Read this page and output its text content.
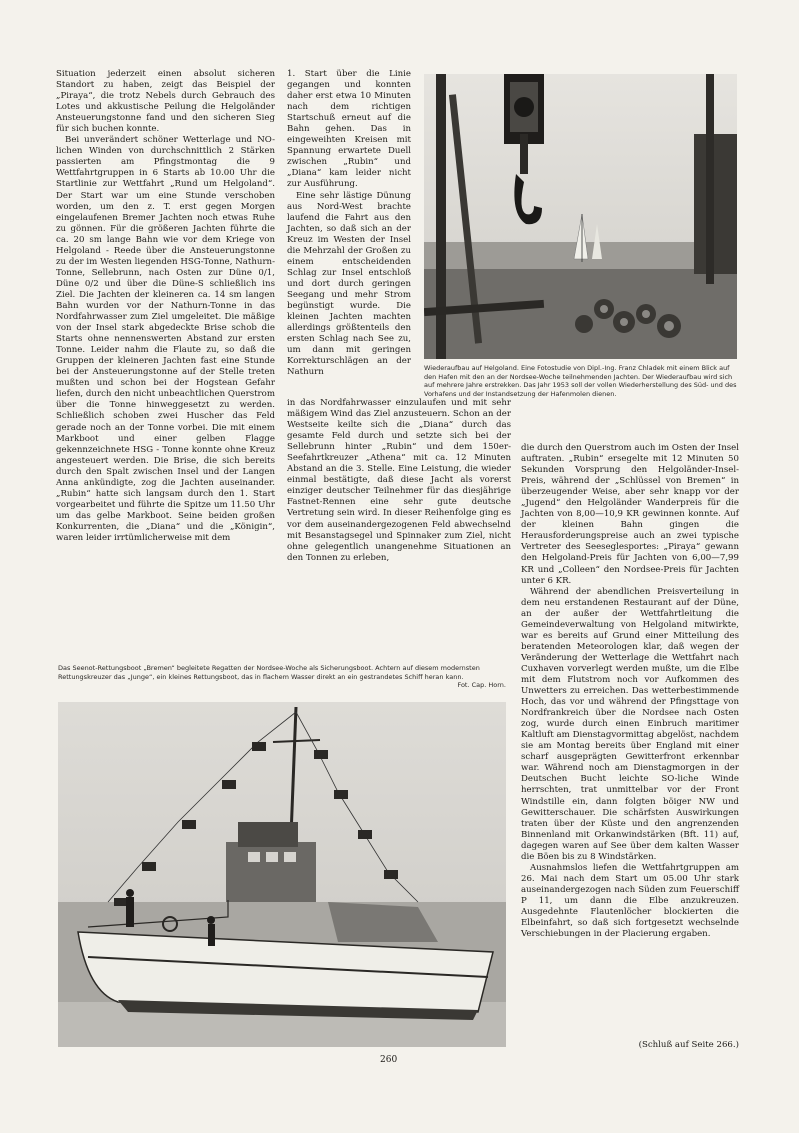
Situation jederzeit einen absolut sicheren Standort zu haben, zeigt das Beispiel der „Piraya“, die trotz Nebels durch Gebrauch des Lotes und akkustische Peilung die Helgoländer Ansteuerungstonne fand und den sicheren Sieg für sich buchen konnte.

Bei unverändert schöner Wetterlage und NO-lichen Winden von durchschnittlich 2 Stärken passierten am Pfingstmontag die 9 Wettfahrtgruppen in 6 Starts ab 10.00 Uhr die Startlinie zur Wettfahrt „Rund um Helgoland“. Der Start war um eine Stunde verschoben worden, um den z. T. erst gegen Morgen eingelaufenen Bremer Jachten noch etwas Ruhe zu gönnen. Für die größeren Jachten führte die ca. 20 sm lange Bahn wie vor dem Kriege von Helgoland - Reede über die Ansteuerungstonne zu der im Westen liegenden HSG-Tonne, Nathurn-Tonne, Sellebrunn, nach Osten zur Düne 0/1, Düne 0/2 und über die Düne-S schließlich ins Ziel. Die Jachten der kleineren ca. 14 sm langen Bahn wurden vor der Nathurn-Tonne in das Nordfahrwasser zum Ziel umgeleitet. Die mäßige von der Insel stark abgedeckte Brise schob die Starts ohne nennenswerten Abstand zur ersten Tonne. Leider nahm die Flaute zu, so daß die Gruppen der kleineren Jachten fast eine Stunde bei der Ansteuerungstonne auf der Stelle treten mußten und schon bei der Hogstean Gefahr liefen, durch den nicht unbeachtlichen Querstrom über die Tonne hinweggesetzt zu werden. Schließlich schoben zwei Huscher das Feld gerade noch an der Tonne vorbei. Die mit einem Markboot und einer gelben Flagge gekennzeichnete HSG - Tonne konnte ohne Kreuz angesteuert werden. Die Brise, die sich bereits durch den Spalt zwischen Insel und der Langen Anna ankündigte, zog die Jachten auseinander. „Rubin“ hatte sich langsam durch den 1. Start vorgearbeitet und führte die Spitze um 11.50 Uhr um das gelbe Markboot. Seine beiden großen Konkurrenten, die „Diana“ und die „Königin“, waren leider irrtümlicherweise mit dem

1. Start über die Linie gegangen und konnten daher erst etwa 10 Minuten nach dem richtigen Startschuß erneut auf die Bahn gehen. Das in eingeweihten Kreisen mit Spannung erwartete Duell zwischen „Rubin“ und „Diana“ kam leider nicht zur Ausführung.

Eine sehr lästige Dünung aus Nord-West brachte laufend die Fahrt aus den Jachten, so daß sich an der Kreuz im Westen der Insel die Mehrzahl der Großen zu einem entscheidenden Schlag zur Insel entschloß und dort durch geringen Seegang und mehr Strom begünstigt wurde. Die kleinen Jachten machten allerdings größtenteils den ersten Schlag nach See zu, um dann mit geringen Korrekturschlägen an der Nathurn

in das Nordfahrwasser einzulaufen und mit sehr mäßigem Wind das Ziel anzusteuern. Schon an der Westseite keilte sich die „Diana“ durch das gesamte Feld durch und setzte sich bei der Sellebrunn hinter „Rubin“ und dem 150er-Seefahrtkreuzer „Athena“ mit ca. 12 Minuten Abstand an die 3. Stelle. Eine Leistung, die wieder einmal bestätigte, daß diese Jacht als vorerst einziger deutscher Teilnehmer für das diesjährige Fastnet-Rennen eine sehr gute deutsche Vertretung sein wird. In dieser Reihenfolge ging es vor dem auseinandergezogenen Feld abwechselnd mit Besanstagsegel und Spinnaker zum Ziel, nicht ohne gelegentlich unangenehme Situationen an den Tonnen zu erleben,

die durch den Querstrom auch im Osten der Insel auftraten. „Rubin“ ersegelte mit 12 Minuten 50 Sekunden Vorsprung den Helgoländer-Insel-Preis, während der „Schlüssel von Bremen“ in überzeugender Weise, aber sehr knapp vor der „Jugend“ den Helgoländer Wanderpreis für die Jachten von 8,00—10,9 KR gewinnen konnte. Auf der kleinen Bahn gingen die Herausforderungspreise auch an zwei typische Vertreter des Seeseglesportes: „Piraya“ gewann den Helgoland-Preis für Jachten von 6,00—7,99 KR und „Colleen“ den Nordsee-Preis für Jachten unter 6 KR.

Während der abendlichen Preisverteilung in dem neu erstandenen Restaurant auf der Düne, an der außer der Wettfahrtleitung die Gemeindeverwaltung von Helgoland mitwirkte, war es bereits auf Grund einer Mitteilung des beratenden Meteorologen klar, daß wegen der Veränderung der Wetterlage die Wettfahrt nach Cuxhaven vorverlegt werden mußte, um die Elbe mit dem Flutstrom noch vor Aufkommen des Unwetters zu erreichen. Das wetterbestimmende Hoch, das vor und während der Pfingsttage von Nordfrankreich über die Nordsee nach Osten zog, wurde durch einen Einbruch maritimer Kaltluft am Dienstagvormittag abgelöst, nachdem sie am Montag bereits über England mit einer scharf ausgeprägten Gewitterfront erkennbar war. Während noch am Dienstagmorgen in der Deutschen Bucht leichte SO-liche Winde herrschten, trat unmittelbar vor der Front Windstille ein, dann folgten böiger NW und Gewitterschauer. Die schärfsten Auswirkungen traten über der Küste und den angrenzenden Binnenland mit Orkanwindstärken (Bft. 11) auf, dagegen waren auf See über dem kalten Wasser die Böen bis zu 8 Windstärken.

Ausnahmslos liefen die Wettfahrtgruppen am 26. Mai nach dem Start um 05.00 Uhr stark auseinandergezogen nach Süden zum Feuerschiff P 11, um dann die Elbe anzukreuzen. Ausgedehnte Flautenlöcher blockierten die Elbeinfahrt, so daß sich fortgesetzt wechselnde Verschiebungen in der Placierung ergaben.

(Schluß auf Seite 266.)
Wiederaufbau auf Helgoland. Eine Fotostudie von Dipl.-Ing. Franz Chladek mit einem Blick auf den Hafen mit den an der Nordsee-Woche teilnehmenden Jachten. Der Wiederaufbau wird sich auf mehrere Jahre erstrekken. Das Jahr 1953 soll der vollen Wiederherstellung des Süd- und des Vorhafens und der Instandsetzung der Hafenmolen dienen.
Das Seenot-Rettungsboot „Bremen“ begleitete Regatten der Nordsee-Woche als Sicherungsboot. Achtern auf diesem modernsten Rettungskreuzer das „Junge“, ein kleines Rettungsboot, das in flachem Wasser direkt an ein gestrandetes Schiff heran kann.
Fot. Cap. Horn.
260
